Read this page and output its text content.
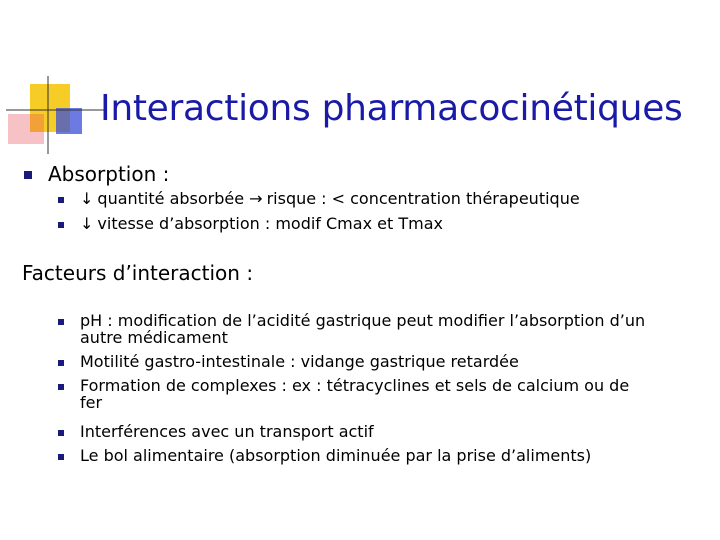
Interactions pharmacocinétiques
Absorption :
↓ quantité absorbée → risque : < concentration thérapeutique
↓ vitesse d’absorption : modif Cmax et Tmax
Facteurs d’interaction :
pH : modification de l’acidité gastrique peut modifier l’absorption d’un
autre médicament
Motilité gastro-intestinale : vidange gastrique retardée
Formation de complexes : ex : tétracyclines et sels de calcium ou de
fer
Interférences avec un transport actif
Le bol alimentaire (absorption diminuée par la prise d’aliments)
